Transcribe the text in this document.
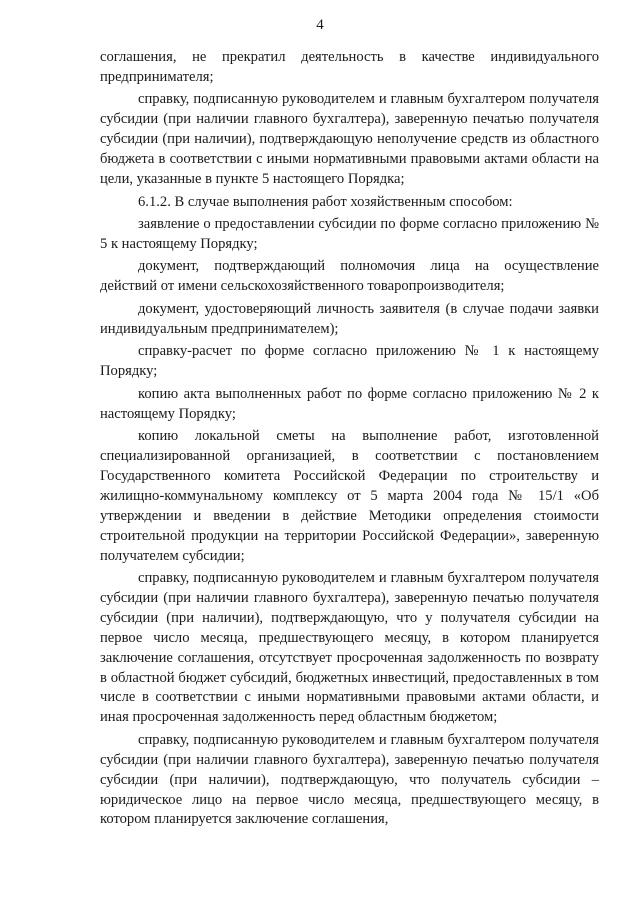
4

соглашения, не прекратил деятельность в качестве индивидуального предпринимателя;

справку, подписанную руководителем и главным бухгалтером получателя субсидии (при наличии главного бухгалтера), заверенную печатью получателя субсидии (при наличии), подтверждающую неполучение средств из областного бюджета в соответствии с иными нормативными правовыми актами области на цели, указанные в пункте 5 настоящего Порядка;

6.1.2. В случае выполнения работ хозяйственным способом:

заявление о предоставлении субсидии по форме согласно приложению № 5 к настоящему Порядку;

документ, подтверждающий полномочия лица на осуществление действий от имени сельскохозяйственного товаропроизводителя;

документ, удостоверяющий личность заявителя (в случае подачи заявки индивидуальным предпринимателем);

справку-расчет по форме согласно приложению № 1 к настоящему Порядку;

копию акта выполненных работ по форме согласно приложению № 2 к настоящему Порядку;

копию локальной сметы на выполнение работ, изготовленной специализированной организацией, в соответствии с постановлением Государственного комитета Российской Федерации по строительству и жилищно-коммунальному комплексу от 5 марта 2004 года № 15/1 «Об утверждении и введении в действие Методики определения стоимости строительной продукции на территории Российской Федерации», заверенную получателем субсидии;

справку, подписанную руководителем и главным бухгалтером получателя субсидии (при наличии главного бухгалтера), заверенную печатью получателя субсидии (при наличии), подтверждающую, что у получателя субсидии на первое число месяца, предшествующего месяцу, в котором планируется заключение соглашения, отсутствует просроченная задолженность по возврату в областной бюджет субсидий, бюджетных инвестиций, предоставленных в том числе в соответствии с иными нормативными правовыми актами области, и иная просроченная задолженность перед областным бюджетом;

справку, подписанную руководителем и главным бухгалтером получателя субсидии (при наличии главного бухгалтера), заверенную печатью получателя субсидии (при наличии), подтверждающую, что получатель субсидии – юридическое лицо на первое число месяца, предшествующего месяцу, в котором планируется заключение соглашения,
